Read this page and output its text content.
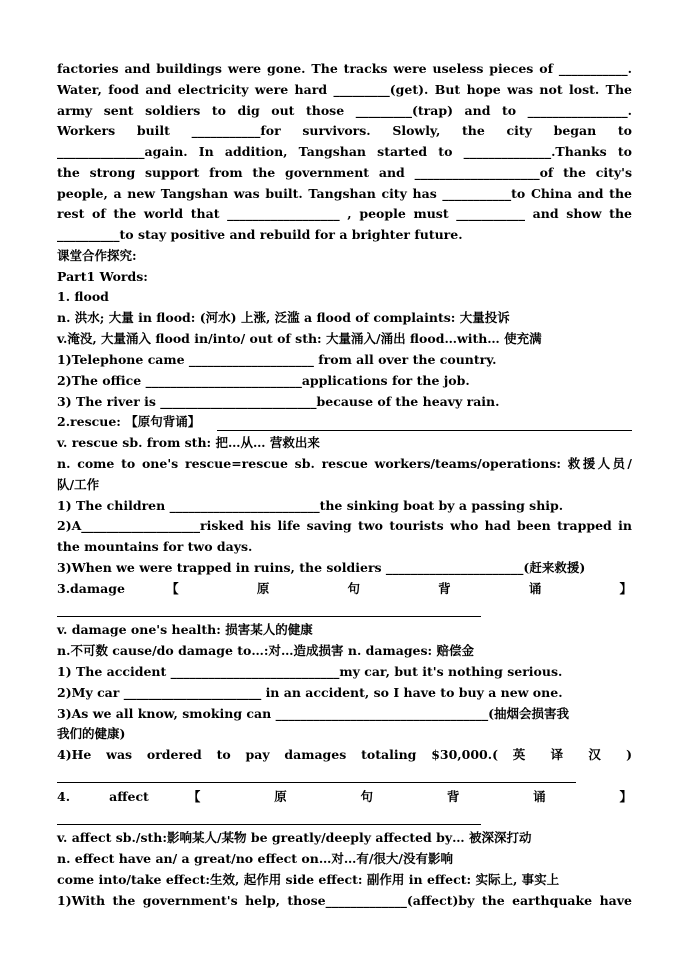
factories and buildings were gone. The tracks were useless pieces of ___________.
Water, food and electricity were hard _________(get). But hope was not lost. The
army sent soldiers to dig out those _________(trap) and to ________________.
Workers built ___________for survivors. Slowly, the city began to
______________again. In addition, Tangshan started to ______________.Thanks to
the strong support from the government and ____________________of the city's
people, a new Tangshan was built. Tangshan city has ___________to China and the
rest of the world that __________________ , people must ___________ and show the
__________to stay positive and rebuild for a brighter future.
课堂合作探究:
Part1 Words:
1. flood
n. 洪水; 大量 in flood: (河水) 上涨, 泛滥 a flood of complaints: 大量投诉
v.淹没, 大量涌入 flood in/into/ out of sth: 大量涌入/涌出 flood…with… 使充满
1)Telephone came ____________________ from all over the country.
2)The office _________________________applications for the job.
3) The river is _________________________because of the heavy rain.
2.rescue: 【原句背诵】
v. rescue sb. from sth: 把…从… 营救出来
n. come to one's rescue=rescue sb. rescue workers/teams/operations: 救援人员/
队/工作
1) The children ________________________the sinking boat by a passing ship.
2)A___________________risked his life saving two tourists who had been trapped in
the mountains for two days.
3)When we were trapped in ruins, the soldiers ______________________(赶来救援)
3.damage 【 原 句 背 诵 】
v. damage one's health: 损害某人的健康
n.不可数 cause/do damage to…:对…造成损害 n. damages: 赔偿金
1) The accident ___________________________my car, but it's nothing serious.
2)My car ______________________ in an accident, so I have to buy a new one.
3)As we all know, smoking can __________________________________(抽烟会损害我
我们的健康)
4)He was ordered to pay damages totaling $30,000.( 英 译 汉 )
4. affect 【 原 句 背 诵 】
v. affect sb./sth:影响某人/某物 be greatly/deeply affected by… 被深深打动
n. effect have an/ a great/no effect on…对…有/很大/没有影响
come into/take effect:生效, 起作用 side effect: 副作用 in effect: 实际上, 事实上
1)With the government's help, those_____________(affect)by the earthquake have
